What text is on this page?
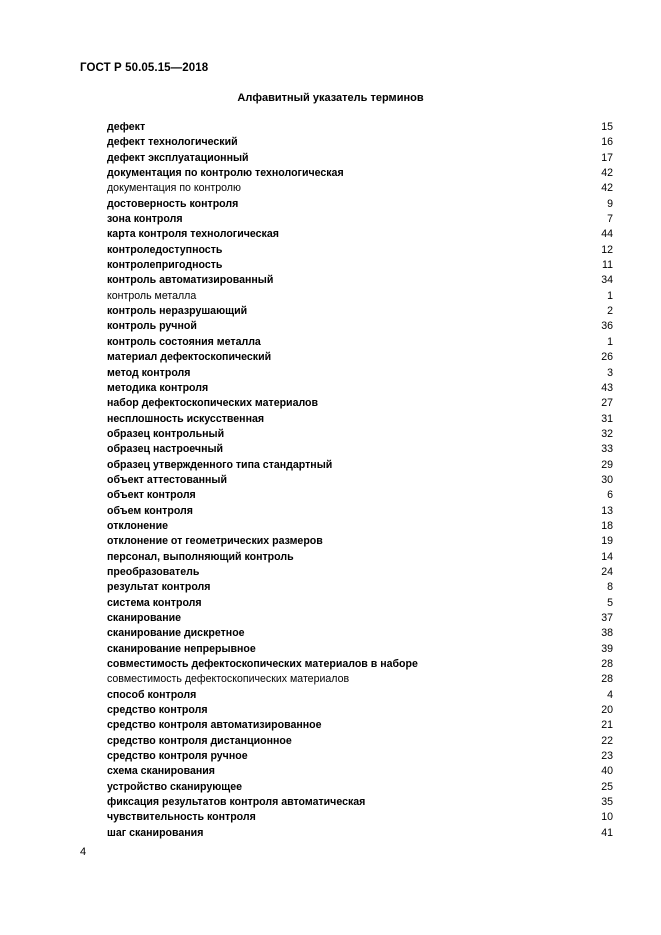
ГОСТ Р 50.05.15—2018
Алфавитный указатель терминов
дефект	15
дефект технологический	16
дефект эксплуатационный	17
документация по контролю технологическая	42
документация по контролю	42
достоверность контроля	9
зона контроля	7
карта контроля технологическая	44
контроледоступность	12
контролепригодность	11
контроль автоматизированный	34
контроль металла	1
контроль неразрушающий	2
контроль ручной	36
контроль состояния металла	1
материал дефектоскопический	26
метод контроля	3
методика контроля	43
набор дефектоскопических материалов	27
несплошность искусственная	31
образец контрольный	32
образец настроечный	33
образец утвержденного типа стандартный	29
объект аттестованный	30
объект контроля	6
объем контроля	13
отклонение	18
отклонение от геометрических размеров	19
персонал, выполняющий контроль	14
преобразователь	24
результат контроля	8
система контроля	5
сканирование	37
сканирование дискретное	38
сканирование непрерывное	39
совместимость дефектоскопических материалов в наборе	28
совместимость дефектоскопических материалов	28
способ контроля	4
средство контроля	20
средство контроля автоматизированное	21
средство контроля дистанционное	22
средство контроля ручное	23
схема сканирования	40
устройство сканирующее	25
фиксация результатов контроля автоматическая	35
чувствительность контроля	10
шаг сканирования	41
4
